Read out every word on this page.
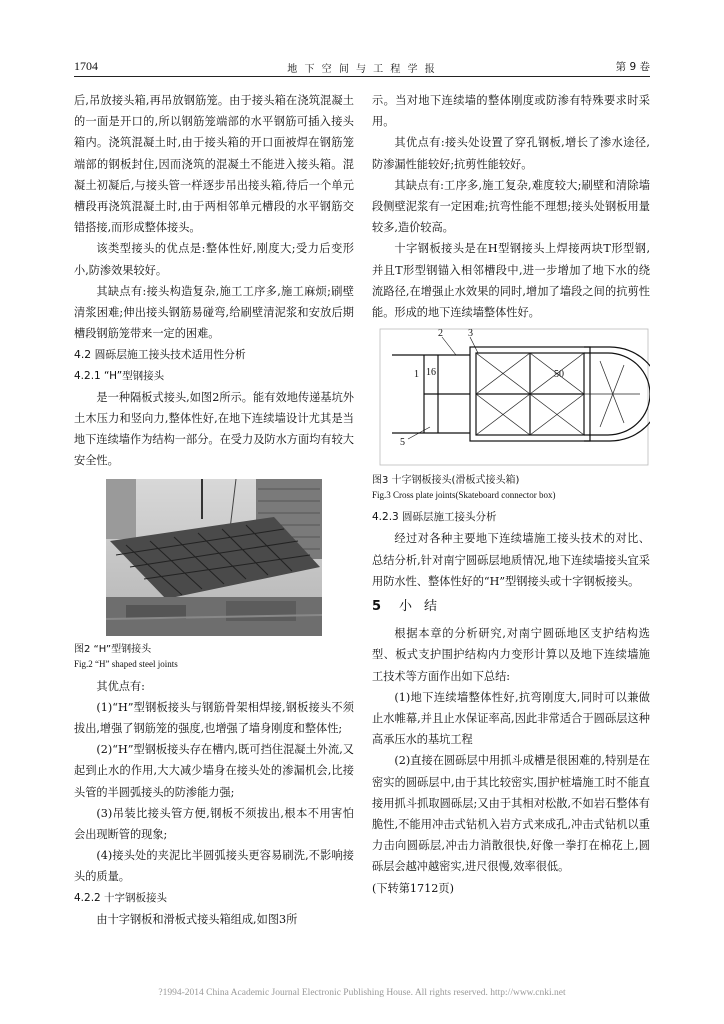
1704	地 下 空 间 与 工 程 学 报	第 9 卷

后,吊放接头箱,再吊放钢筋笼。由于接头箱在浇筑混凝土的一面是开口的,所以钢筋笼端部的水平钢筋可插入接头箱内。浇筑混凝土时,由于接头箱的开口面被焊在钢筋笼端部的钢板封住,因而浇筑的混凝土不能进入接头箱。混凝土初凝后,与接头管一样逐步吊出接头箱,待后一个单元槽段再浇筑混凝土时,由于两相邻单元槽段的水平钢筋交错搭接,而形成整体接头。

该类型接头的优点是:整体性好,刚度大;受力后变形小,防渗效果较好。

其缺点有:接头构造复杂,施工工序多,施工麻烦;刷壁清浆困难;伸出接头钢筋易碰弯,给刷壁清泥浆和安放后期槽段钢筋笼带来一定的困难。

4.2 圆砾层施工接头技术适用性分析

4.2.1 “H”型钢接头

是一种隔板式接头,如图2所示。能有效地传递基坑外土木压力和竖向力,整体性好,在地下连续墙设计尤其是当地下连续墙作为结构一部分。在受力及防水方面均有较大安全性。

图2 “H”型钢接头

Fig.2 “H” shaped steel joints

其优点有:

(1)“H”型钢板接头与钢筋骨架相焊接,钢板接头不须拔出,增强了钢筋笼的强度,也增强了墙身刚度和整体性;

(2)“H”型钢板接头存在槽内,既可挡住混凝土外流,又起到止水的作用,大大减少墙身在接头处的渗漏机会,比接头管的半圆弧接头的防渗能力强;

(3)吊装比接头管方便,钢板不须拔出,根本不用害怕会出现断管的现象;

(4)接头处的夹泥比半圆弧接头更容易刷洗,不影响接头的质量。

4.2.2 十字钢板接头

由十字钢板和滑板式接头箱组成,如图3所

示。当对地下连续墙的整体刚度或防渗有特殊要求时采用。

其优点有:接头处设置了穿孔钢板,增长了渗水途径,防渗漏性能较好;抗剪性能较好。

其缺点有:工序多,施工复杂,难度较大;刷壁和清除墙段侧壁泥浆有一定困难;抗弯性能不理想;接头处钢板用量较多,造价较高。

十字钢板接头是在H型钢接头上焊接两块T形型钢,并且T形型钢锚入相邻槽段中,进一步增加了地下水的绕流路径,在增强止水效果的同时,增加了墙段之间的抗剪性能。形成的地下连续墙整体性好。

2	3
1 16	50
5

图3 十字钢板接头(滑板式接头箱)

Fig.3 Cross plate joints(Skateboard connector box)

4.2.3 圆砾层施工接头分析

经过对各种主要地下连续墙施工接头技术的对比、总结分析,针对南宁圆砾层地质情况,地下连续墙接头宜采用防水性、整体性好的“H”型钢接头或十字钢板接头。

5 小结

根据本章的分析研究,对南宁圆砾地区支护结构选型、板式支护围护结构内力变形计算以及地下连续墙施工技术等方面作出如下总结:

(1)地下连续墙整体性好,抗弯刚度大,同时可以兼做止水帷幕,并且止水保证率高,因此非常适合于圆砾层这种高承压水的基坑工程

(2)直接在圆砾层中用抓斗成槽是很困难的,特别是在密实的圆砾层中,由于其比较密实,围护桩墙施工时不能直接用抓斗抓取圆砾层;又由于其相对松散,不如岩石整体有脆性,不能用冲击式钻机入岩方式来成孔,冲击式钻机以重力击向圆砾层,冲击力消散很快,好像一拳打在棉花上,圆砾层会越冲越密实,进尺很慢,效率很低。

(下转第1712页)

?1994-2014 China Academic Journal Electronic Publishing House. All rights reserved. http://www.cnki.net
